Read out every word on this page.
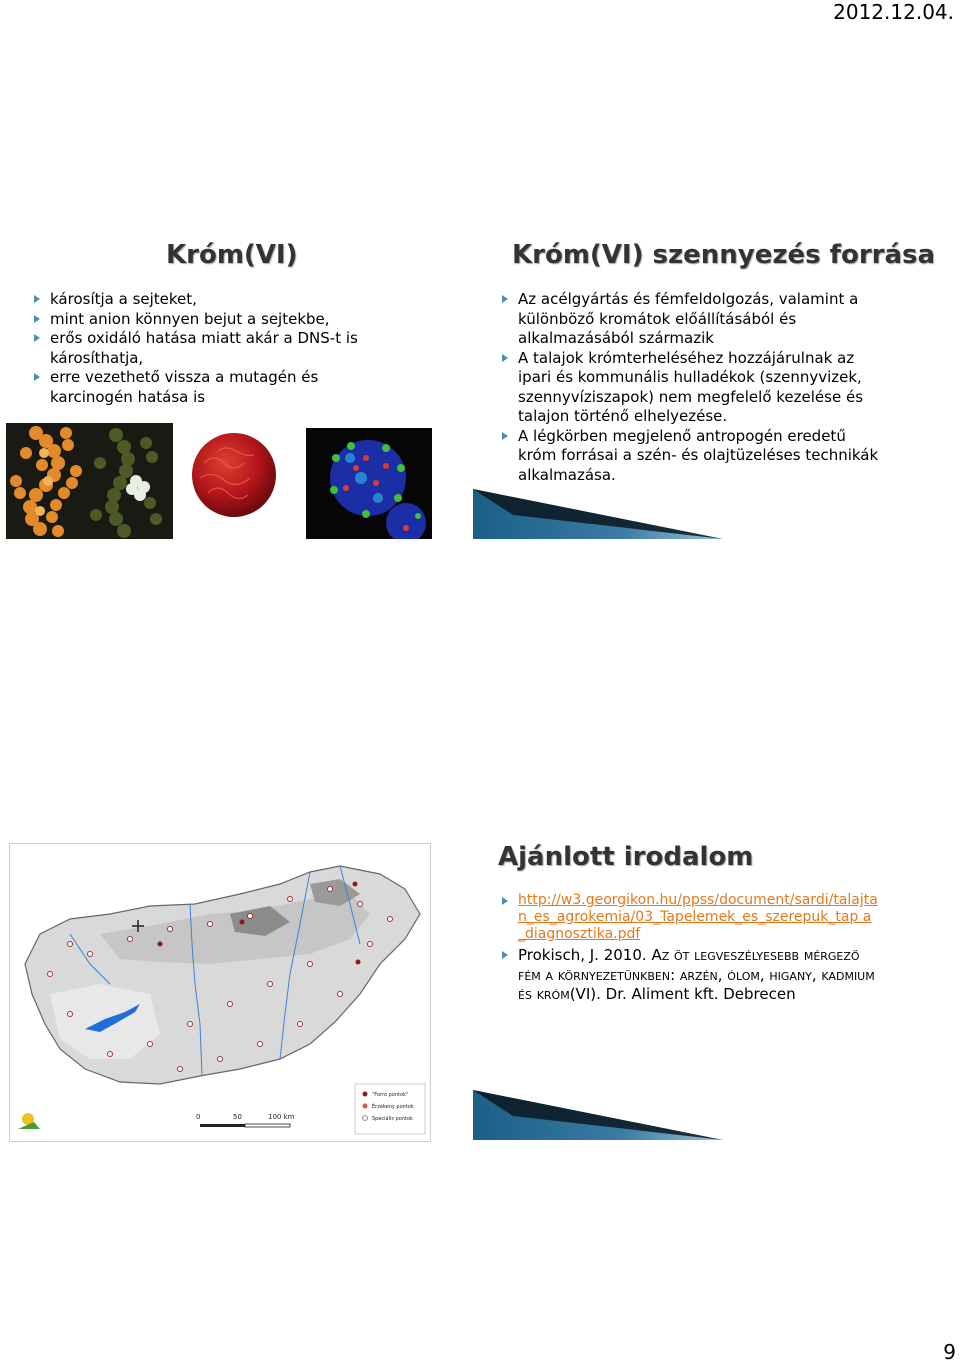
2012.12.04.
Króm(VI)
károsítja a sejteket,
mint anion könnyen bejut a sejtekbe,
erős oxidáló hatása miatt akár a DNS-t is károsíthatja,
erre vezethető vissza a mutagén és karcinogén hatása is
Króm(VI) szennyezés forrása
Az acélgyártás és fémfeldolgozás, valamint a különböző kromátok előállításából és alkalmazásából származik
A talajok krómterheléséhez hozzájárulnak az ipari és kommunális hulladékok (szennyvizek, szennyvíziszapok) nem megfelelő kezelése és talajon történő elhelyezése.
A légkörben megjelenő antropogén eredetű króm forrásai a szén- és olajtüzeléses technikák alkalmazása.
0	50	100 km
"Forró pontok"
Érzékeny pontok
Speciális pontok
Ajánlott irodalom
http://w3.georgikon.hu/ppss/document/sardi/talajtan_es_agrokemia/03_Tapelemek_es_szerepuk_tap a_diagnosztika.pdf
Prokisch, J. 2010. Az öt legveszélyesebb mérgező fém a környezetünkben: arzén, ólom, higany, kadmium és króm(VI). Dr. Aliment kft. Debrecen
9
